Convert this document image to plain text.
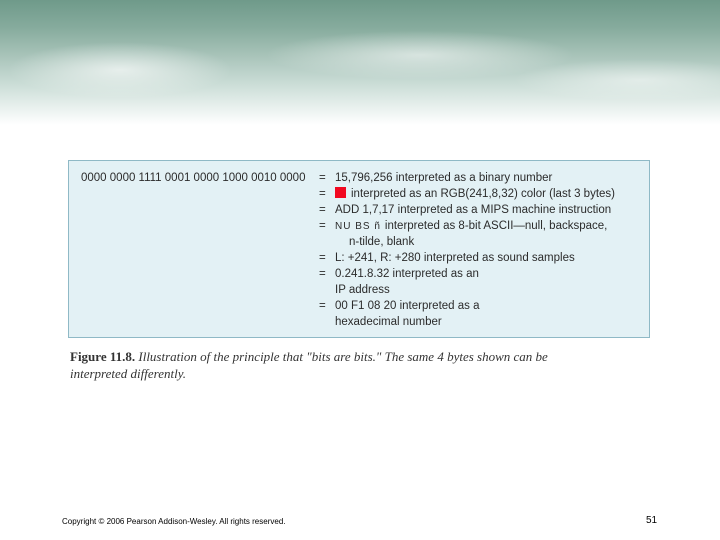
0000 0000 1111 0001 0000 1000 0010 0000 = 15,796,256 interpreted as a binary number
=	interpreted as an RGB(241,8,32) color (last 3 bytes)
= ADD 1,7,17 interpreted as a MIPS machine instruction
= NU BS ñ interpreted as 8-bit ASCII—null, backspace,
n-tilde, blank
= L: +241, R: +280 interpreted as sound samples
= 0.241.8.32 interpreted as an
IP address
= 00 F1 08 20 interpreted as a
hexadecimal number
Figure 11.8. Illustration of the principle that "bits are bits." The same 4 bytes shown can be interpreted differently.
Copyright © 2006 Pearson Addison-Wesley. All rights reserved.	51
